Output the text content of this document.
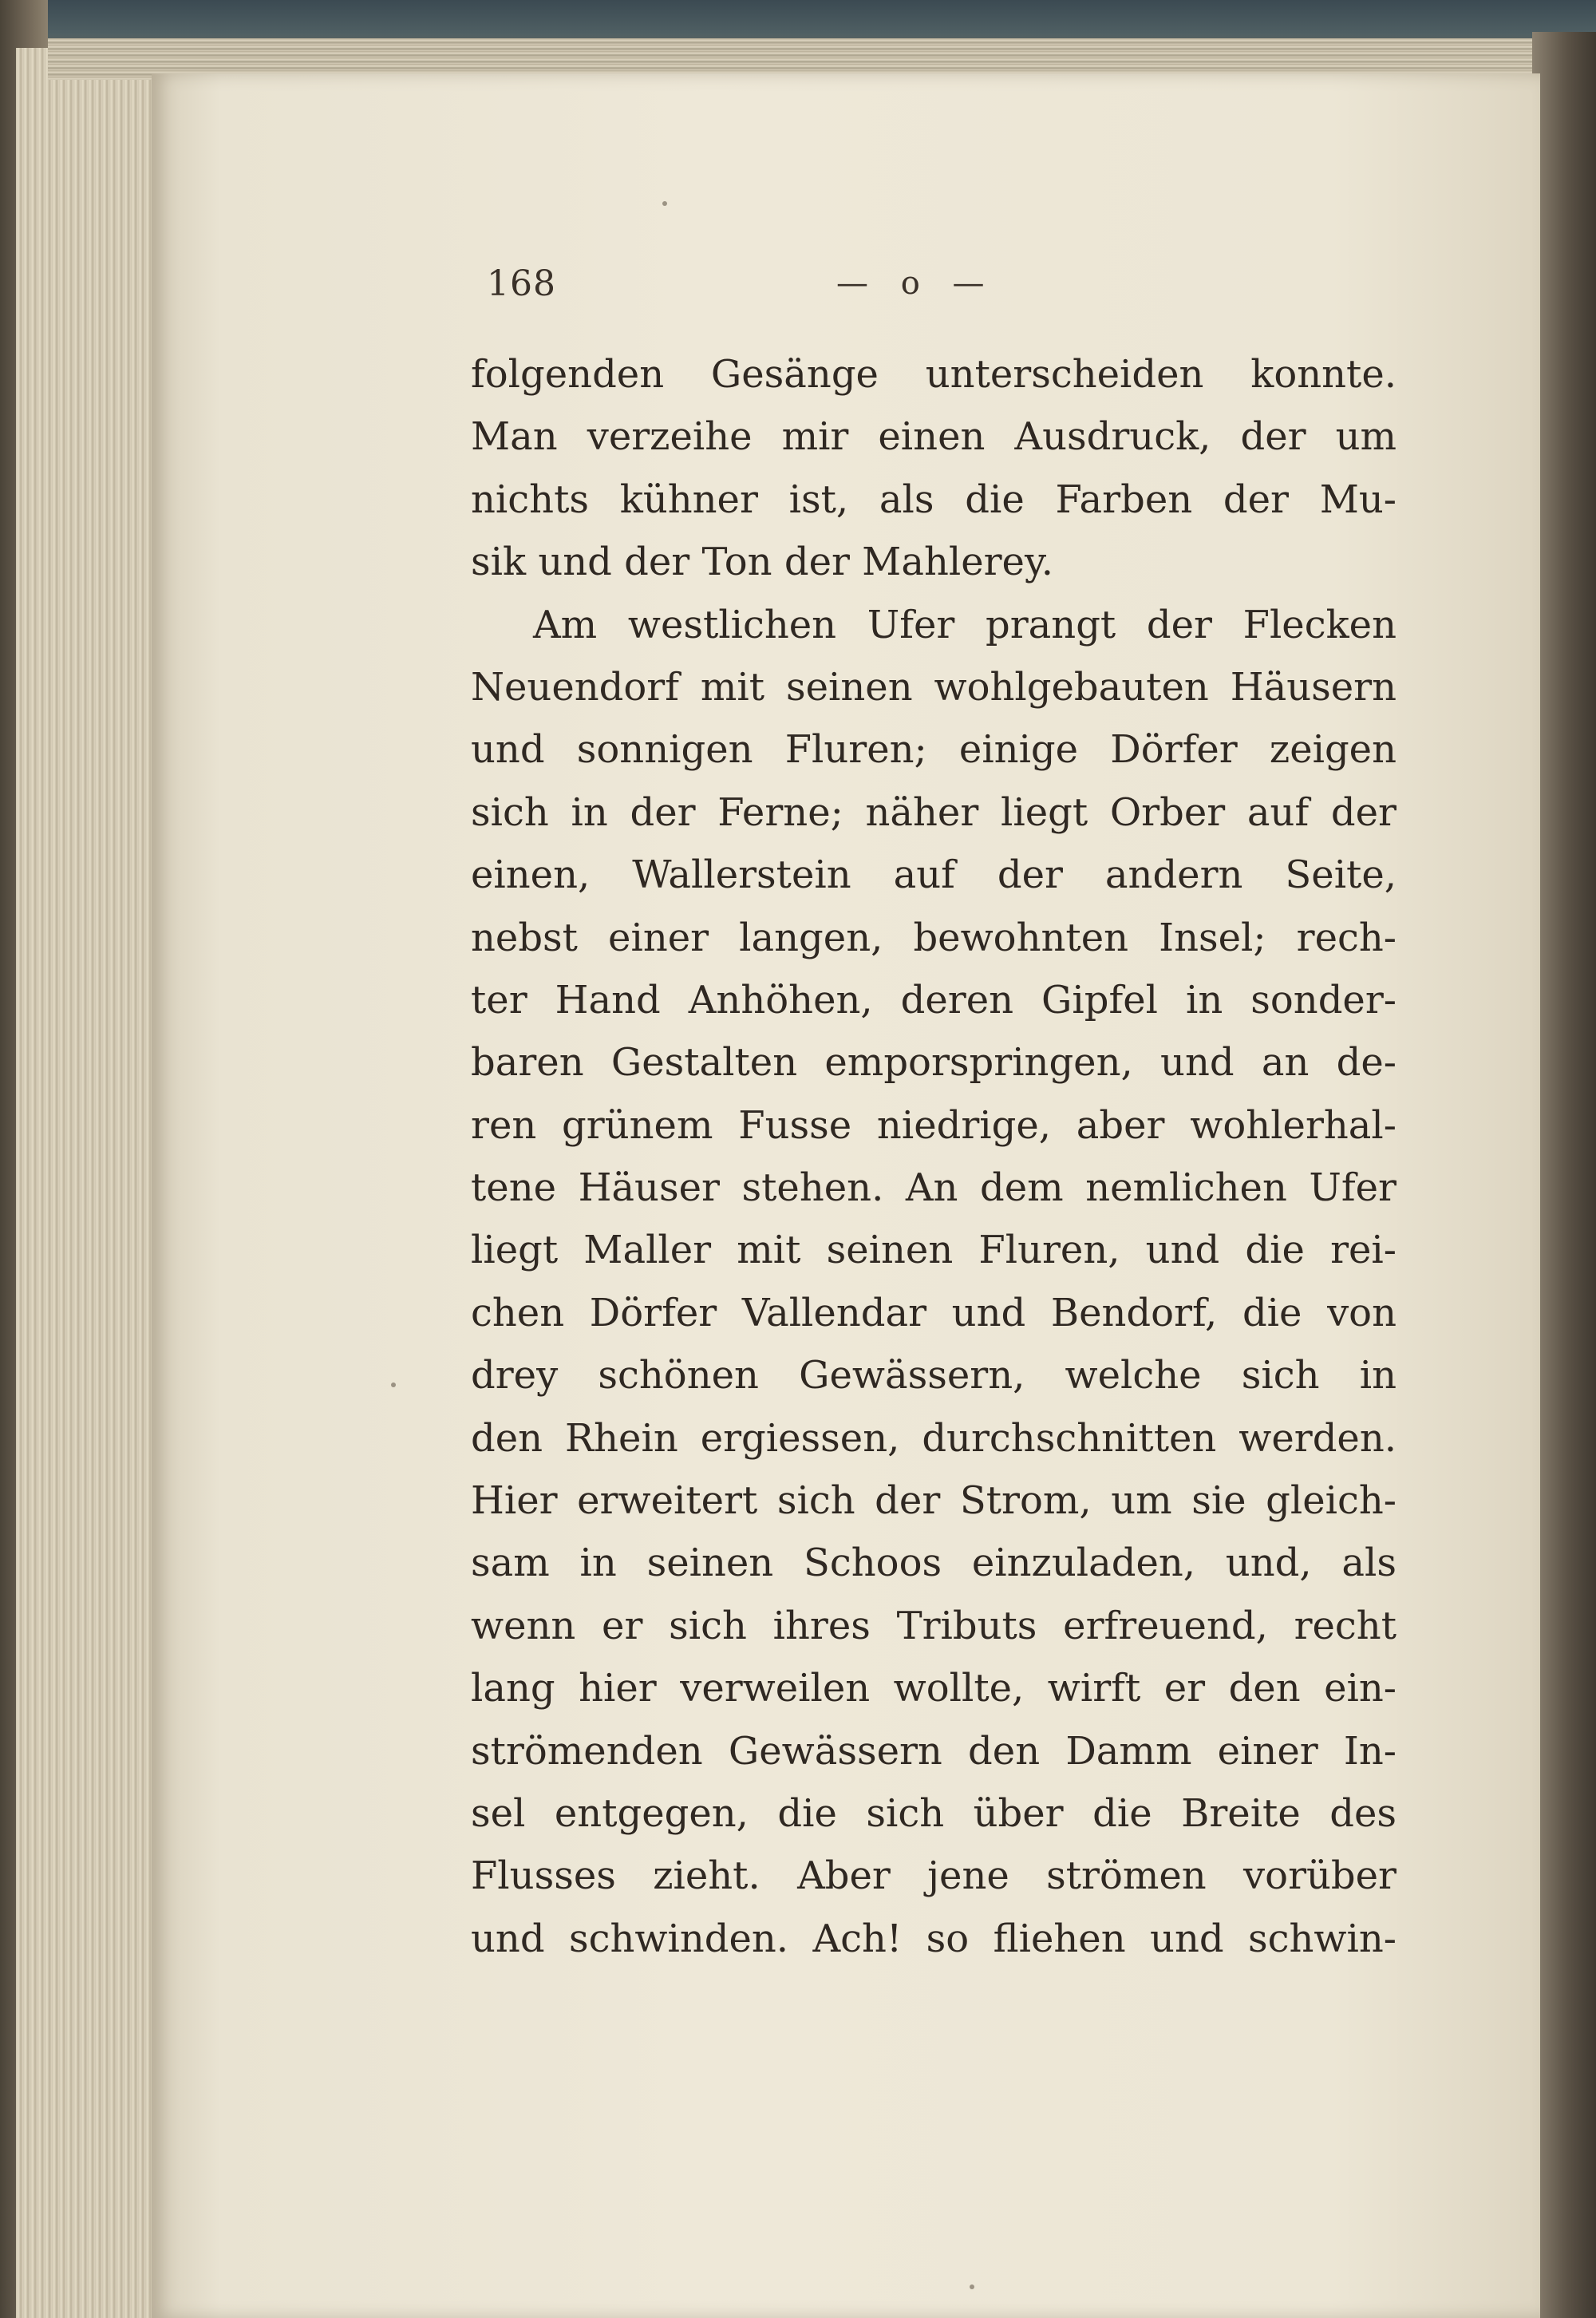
168	— o —
folgenden Gesänge unterscheiden konnte.
Man verzeihe mir einen Ausdruck, der um
nichts kühner ist, als die Farben der Mu-
sik und der Ton der Mahlerey.
Am westlichen Ufer prangt der Flecken
Neuendorf mit seinen wohlgebauten Häusern
und sonnigen Fluren; einige Dörfer zeigen
sich in der Ferne; näher liegt Orber auf der
einen, Wallerstein auf der andern Seite,
nebst einer langen, bewohnten Insel; rech-
ter Hand Anhöhen, deren Gipfel in sonder-
baren Gestalten emporspringen, und an de-
ren grünem Fusse niedrige, aber wohlerhal-
tene Häuser stehen. An dem nemlichen Ufer
liegt Maller mit seinen Fluren, und die rei-
chen Dörfer Vallendar und Bendorf, die von
drey schönen Gewässern, welche sich in
den Rhein ergiessen, durchschnitten werden.
Hier erweitert sich der Strom, um sie gleich-
sam in seinen Schoos einzuladen, und, als
wenn er sich ihres Tributs erfreuend, recht
lang hier verweilen wollte, wirft er den ein-
strömenden Gewässern den Damm einer In-
sel entgegen, die sich über die Breite des
Flusses zieht. Aber jene strömen vorüber
und schwinden. Ach! so fliehen und schwin-
